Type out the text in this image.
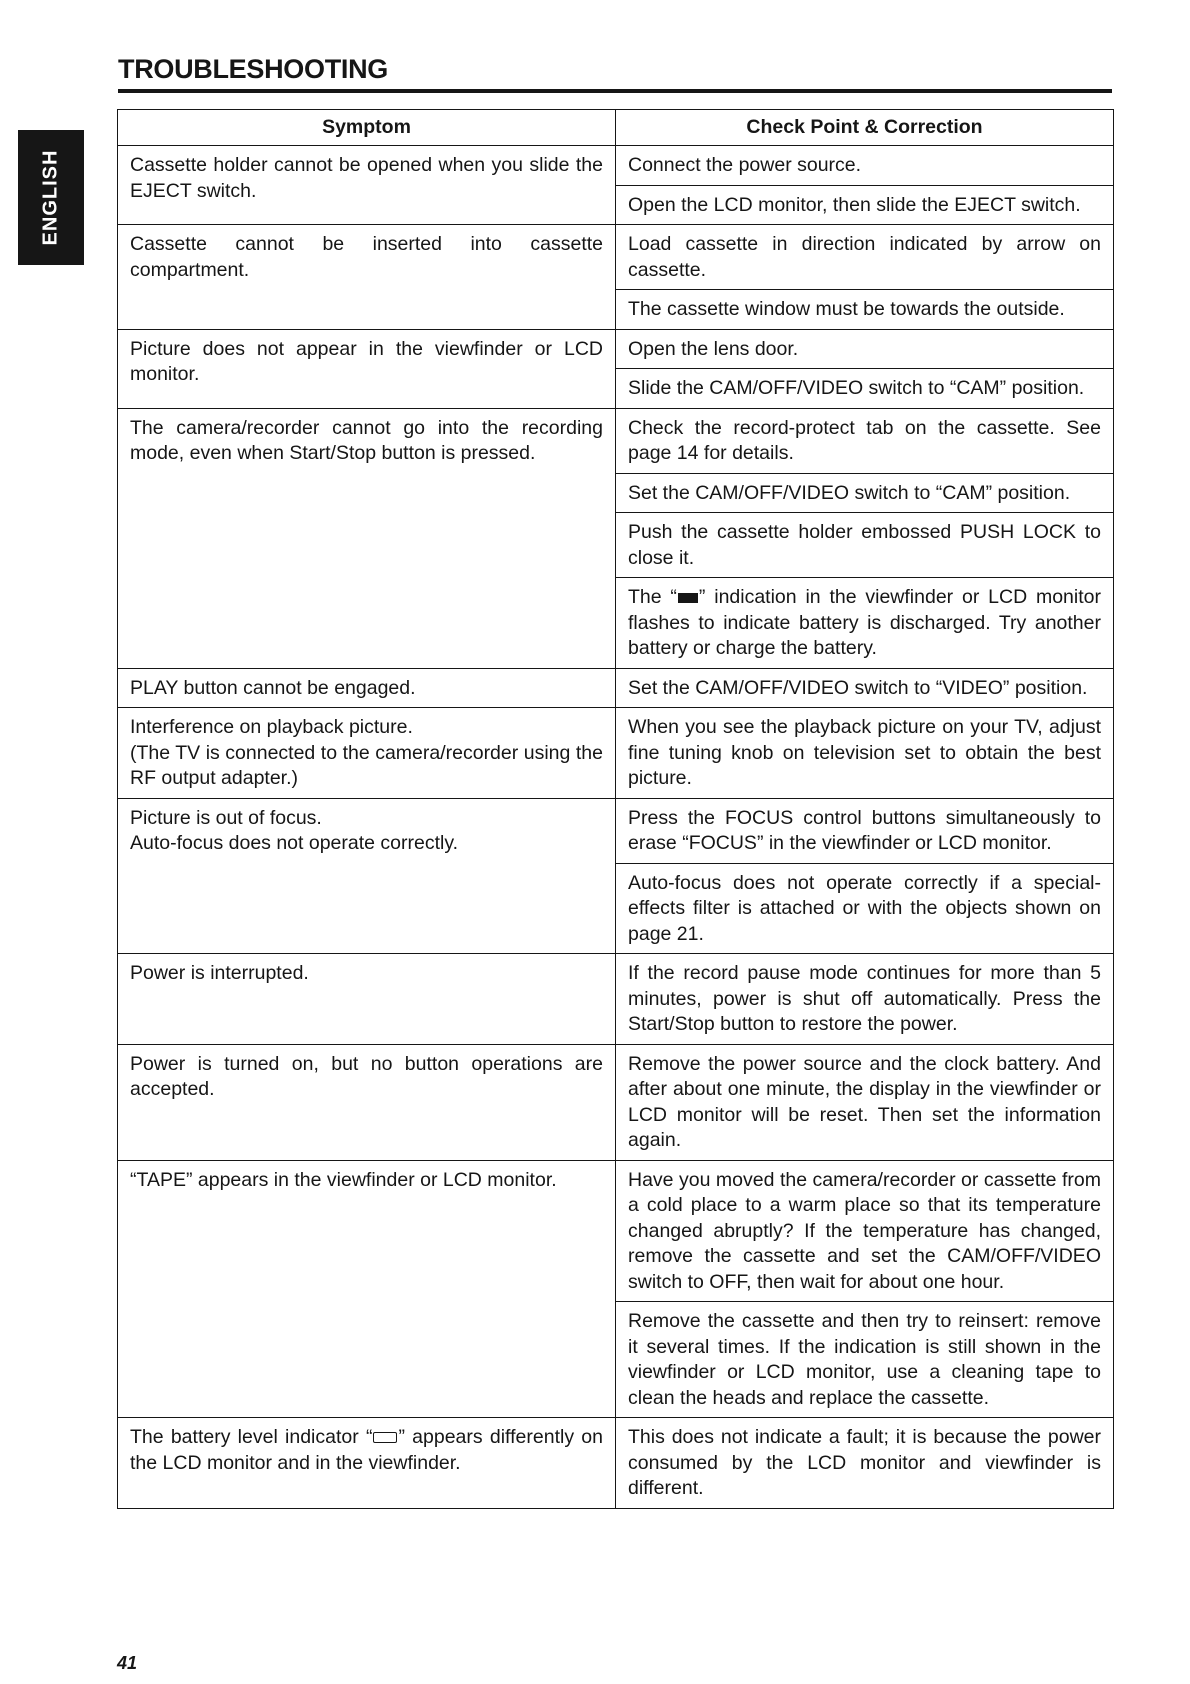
TROUBLESHOOTING
ENGLISH
Symptom	Check Point & Correction
Cassette holder cannot be opened when you slide the EJECT switch.	Connect the power source.
	Open the LCD monitor, then slide the EJECT switch.
Cassette cannot be inserted into cassette compartment.	Load cassette in direction indicated by arrow on cassette.
	The cassette window must be towards the outside.
Picture does not appear in the viewfinder or LCD monitor.	Open the lens door.
	Slide the CAM/OFF/VIDEO switch to “CAM” position.
The camera/recorder cannot go into the recording mode, even when Start/Stop button is pressed.	Check the record-protect tab on the cassette. See page 14 for details.
	Set the CAM/OFF/VIDEO switch to “CAM” position.
	Push the cassette holder embossed PUSH LOCK to close it.
	The “ ” indication in the viewfinder or LCD monitor flashes to indicate battery is discharged. Try another battery or charge the battery.
PLAY button cannot be engaged.	Set the CAM/OFF/VIDEO switch to “VIDEO” position.

Interference on playback picture.
(The TV is connected to the camera/recorder using the RF output adapter.)	When you see the playback picture on your TV, adjust fine tuning knob on television set to obtain the best picture.

Picture is out of focus.
Auto-focus does not operate correctly.	Press the FOCUS control buttons simultaneously to erase “FOCUS” in the viewfinder or LCD monitor.
	Auto-focus does not operate correctly if a special-effects filter is attached or with the objects shown on page 21.
Power is interrupted.	If the record pause mode continues for more than 5 minutes, power is shut off automatically. Press the Start/Stop button to restore the power.
Power is turned on, but no button operations are accepted.	Remove the power source and the clock battery. And after about one minute, the display in the viewfinder or LCD monitor will be reset. Then set the information again.
“TAPE” appears in the viewfinder or LCD monitor.	Have you moved the camera/recorder or cassette from a cold place to a warm place so that its temperature changed abruptly? If the temperature has changed, remove the cassette and set the CAM/OFF/VIDEO switch to OFF, then wait for about one hour.
	Remove the cassette and then try to reinsert: remove it several times. If the indication is still shown in the viewfinder or LCD monitor, use a cleaning tape to clean the heads and replace the cassette.
The battery level indicator “ ” appears differently on the LCD monitor and in the viewfinder.	This does not indicate a fault; it is because the power consumed by the LCD monitor and viewfinder is different.
41
